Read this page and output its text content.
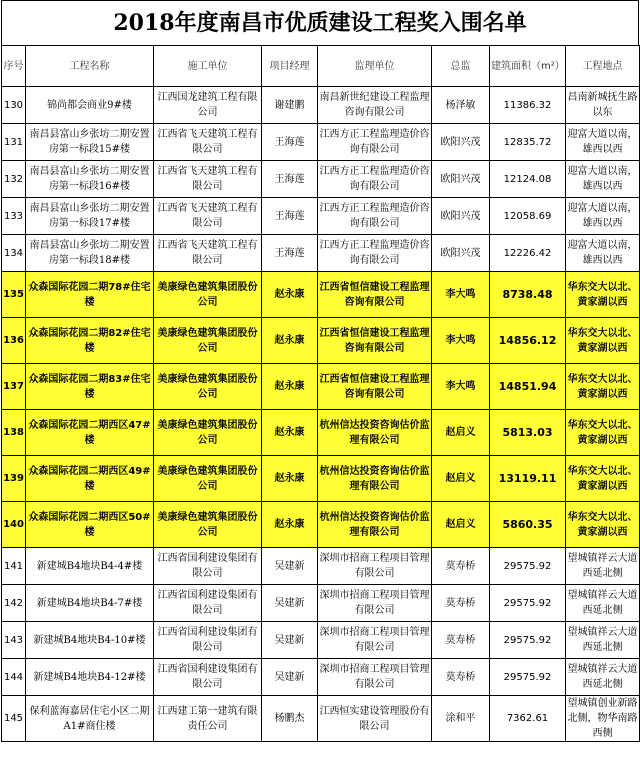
2018年度南昌市优质建设工程奖入围名单
序号	工程名称	施工单位	项目经理	监理单位	总监	建筑面积（m²）	工程地点
130	锦尚都会商业9#楼	江西国龙建筑工程有限公司	谢建鹏	南昌新世纪建设工程监理咨询有限公司	杨泽敏	11386.32	昌南新城抚生路以东
131	南昌县富山乡张坊二期安置房第一标段15#楼	江西省飞天建筑工程有限公司	王海莲	江西方正工程监理造价咨询有限公司	欧阳兴茂	12835.72	迎富大道以南，雄西以西
132	南昌县富山乡张坊二期安置房第一标段16#楼	江西省飞天建筑工程有限公司	王海莲	江西方正工程监理造价咨询有限公司	欧阳兴茂	12124.08	迎富大道以南，雄西以西
133	南昌县富山乡张坊二期安置房第一标段17#楼	江西省飞天建筑工程有限公司	王海莲	江西方正工程监理造价咨询有限公司	欧阳兴茂	12058.69	迎富大道以南，雄西以西
134	南昌县富山乡张坊二期安置房第一标段18#楼	江西省飞天建筑工程有限公司	王海莲	江西方正工程监理造价咨询有限公司	欧阳兴茂	12226.42	迎富大道以南，雄西以西
135	众森国际花园二期78#住宅楼	美康绿色建筑集团股份公司	赵永康	江西省恒信建设工程监理咨询有限公司	李大鸣	8738.48	华东交大以北、黄家湖以西
136	众森国际花园二期82#住宅楼	美康绿色建筑集团股份公司	赵永康	江西省恒信建设工程监理咨询有限公司	李大鸣	14856.12	华东交大以北、黄家湖以西
137	众森国际花园二期83#住宅楼	美康绿色建筑集团股份公司	赵永康	江西省恒信建设工程监理咨询有限公司	李大鸣	14851.94	华东交大以北、黄家湖以西
138	众森国际花园二期西区47#楼	美康绿色建筑集团股份公司	赵永康	杭州信达投资咨询估价监理有限公司	赵启义	5813.03	华东交大以北、黄家湖以西
139	众森国际花园二期西区49#楼	美康绿色建筑集团股份公司	赵永康	杭州信达投资咨询估价监理有限公司	赵启义	13119.11	华东交大以北、黄家湖以西
140	众森国际花园二期西区50#楼	美康绿色建筑集团股份公司	赵永康	杭州信达投资咨询估价监理有限公司	赵启义	5860.35	华东交大以北、黄家湖以西
141	新建城B4地块B4-4#楼	江西省国利建设集团有限公司	吴建新	深圳市招商工程项目管理有限公司	莫寿桥	29575.92	望城镇祥云大道西延北侧
142	新建城B4地块B4-7#楼	江西省国利建设集团有限公司	吴建新	深圳市招商工程项目管理有限公司	莫寿桥	29575.92	望城镇祥云大道西延北侧
143	新建城B4地块B4-10#楼	江西省国利建设集团有限公司	吴建新	深圳市招商工程项目管理有限公司	莫寿桥	29575.92	望城镇祥云大道西延北侧
144	新建城B4地块B4-12#楼	江西省国利建设集团有限公司	吴建新	深圳市招商工程项目管理有限公司	莫寿桥	29575.92	望城镇祥云大道西延北侧
145	保利蓝海嘉居住宅小区二期A1#商住楼	江西建工第一建筑有限责任公司	杨鹏杰	江西恒实建设管理股份有限公司	涂和平	7362.61	望城镇创业新路北侧，物华南路西侧
